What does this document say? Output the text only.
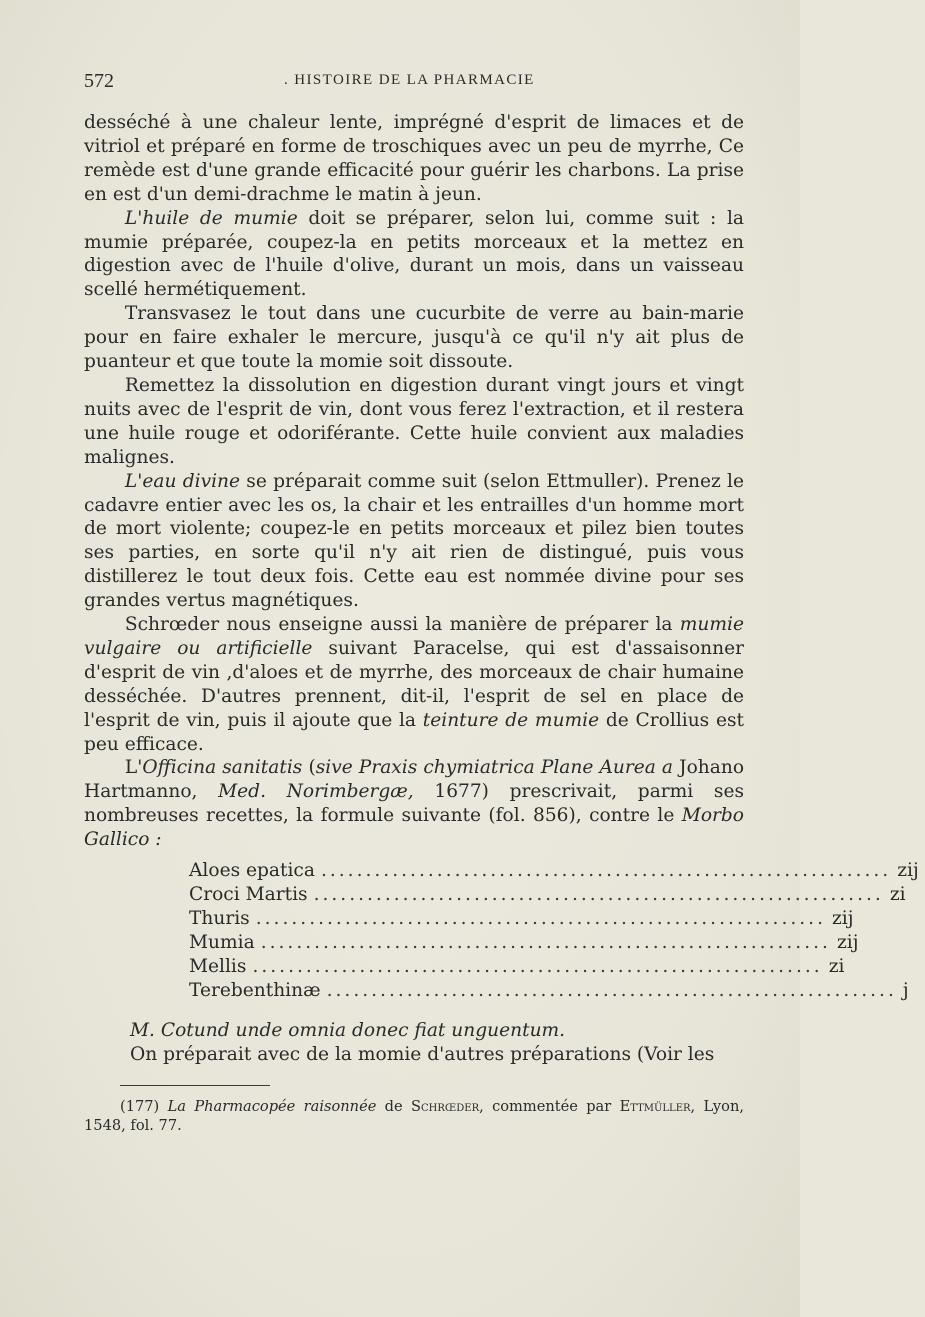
572	. HISTOIRE DE LA PHARMACIE

desséché à une chaleur lente, imprégné d'esprit de limaces et de vitriol et préparé en forme de troschiques avec un peu de myrrhe, Ce remède est d'une grande efficacité pour guérir les charbons. La prise en est d'un demi-drachme le matin à jeun.

L'huile de mumie doit se préparer, selon lui, comme suit : la mumie préparée, coupez-la en petits morceaux et la mettez en digestion avec de l'huile d'olive, durant un mois, dans un vaisseau scellé hermétiquement.

Transvasez le tout dans une cucurbite de verre au bain-marie pour en faire exhaler le mercure, jusqu'à ce qu'il n'y ait plus de puanteur et que toute la momie soit dissoute.

Remettez la dissolution en digestion durant vingt jours et vingt nuits avec de l'esprit de vin, dont vous ferez l'extraction, et il restera une huile rouge et odoriférante. Cette huile convient aux maladies malignes.

L'eau divine se préparait comme suit (selon Ettmuller). Prenez le cadavre entier avec les os, la chair et les entrailles d'un homme mort de mort violente; coupez-le en petits morceaux et pilez bien toutes ses parties, en sorte qu'il n'y ait rien de distingué, puis vous distillerez le tout deux fois. Cette eau est nommée divine pour ses grandes vertus magnétiques.

Schrœder nous enseigne aussi la manière de préparer la mumie vulgaire ou artificielle suivant Paracelse, qui est d'assaisonner d'esprit de vin ,d'aloes et de myrrhe, des morceaux de chair humaine desséchée. D'autres prennent, dit-il, l'esprit de sel en place de l'esprit de vin, puis il ajoute que la teinture de mumie de Crollius est peu efficace.

L'Officina sanitatis (sive Praxis chymiatrica Plane Aurea a Johano Hartmanno, Med. Norimbergæ, 1677) prescrivait, parmi ses nombreuses recettes, la formule suivante (fol. 856), contre le Morbo Gallico :

Aloes epatica ................................................................ zij
Croci Martis ................................................................ zi
Thuris ................................................................ zij
Mumia ................................................................ zij
Mellis ................................................................ zi
Terebenthinæ ................................................................ j

M. Cotund unde omnia donec fiat unguentum.

On préparait avec de la momie d'autres préparations (Voir les

(177) La Pharmacopée raisonnée de Schrœder, commentée par Ettmüller, Lyon, 1548, fol. 77.
